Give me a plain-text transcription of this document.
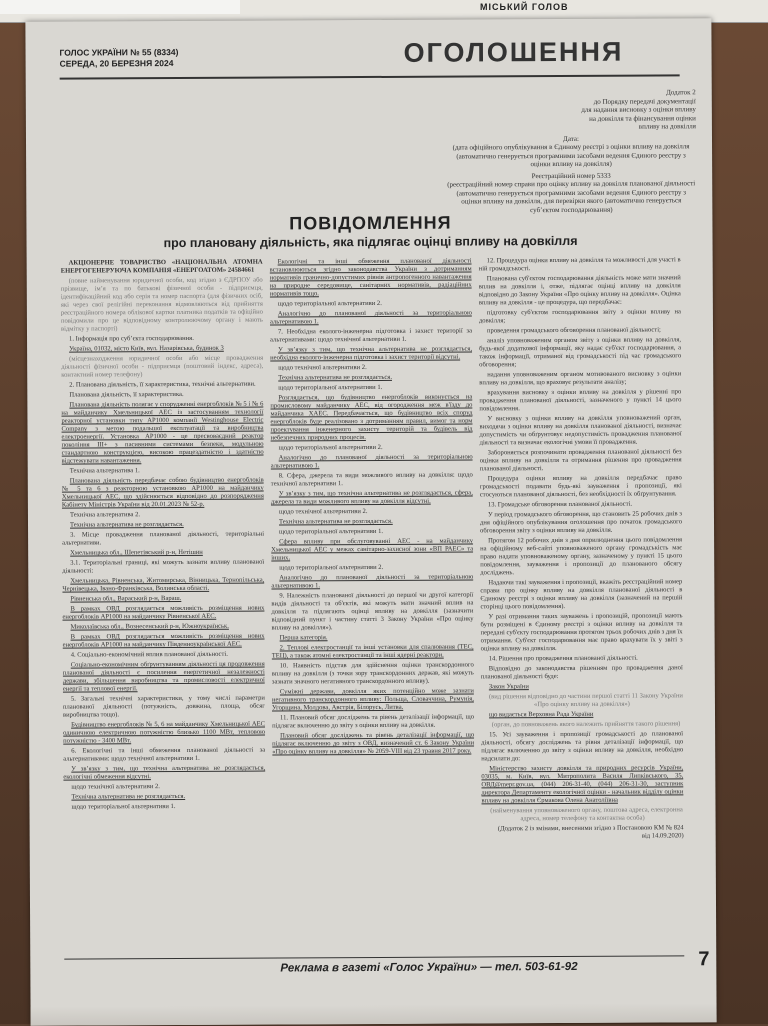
МІСЬКИЙ ГОЛОВ
ГОЛОС УКРАЇНИ № 55 (8334)
СЕРЕДА, 20 БЕРЕЗНЯ 2024	ОГОЛОШЕННЯ
Додаток 2
до Порядку передачі документації
для надання висновку з оцінки впливу
на довкілля та фінансування оцінки
впливу на довкілля
Дата:
(дата офіційного опублікування в Єдиному реєстрі з оцінки впливу на довкілля (автоматично генерується програмними засобами ведення Єдиного реєстру з оцінки впливу на довкілля)
Реєстраційний номер 5333
(реєстраційний номер справи про оцінку впливу на довкілля планованої діяльності (автоматично генерується програмними засобами ведення Єдиного реєстру з оцінки впливу на довкілля, для перевірки якого (автоматично генерується суб’єктом господарювання)
ПОВІДОМЛЕННЯ
про плановану діяльність, яка підлягає оцінці впливу на довкілля

АКЦІОНЕРНЕ ТОВАРИСТВО «НАЦІОНАЛЬНА АТОМНА ЕНЕРГОГЕНЕРУЮЧА КОМПАНІЯ «ЕНЕРГОАТОМ» 24584661

(повне найменування юридичної особи, код згідно з ЄДРПОУ або прізвище, ім’я та по батькові фізичної особи - підприємця, ідентифікаційний код або серія та номер паспорта (для фізичних осіб, які через свої релігійні переконання відмовляються від прийняття реєстраційного номера облікової картки платника податків та офіційно повідомили про це відповідному контролюючому органу і мають відмітку у паспорті)

1. Інформація про суб’єкта господарювання.

Україна, 01032, місто Київ, вул. Назарівська, будинок 3

(місцезнаходження юридичної особи або місце провадження діяльності фізичної особи - підприємця (поштовий індекс, адреса), контактний номер телефону)

2. Планована діяльність, її характеристика, технічні альтернативи.

Планована діяльність, її характеристика.

Планована діяльність полягає у спорудженні енергоблоків № 5 і № 6 на майданчику Хмельницької АЕС із застосуванням технології реакторної установки типу АР1000 компанії Westinghouse Electric Company з метою подальшої експлуатації та виробництва електроенергії. Установка АР1000 - це пресвоваєдний реактор покоління ІІІ+ з пасивними системами безпеки, модульною стандартною конструкцією, високою працездатністю і здатністю відстежувати навантаження.

Технічна альтернатива 1.

Планована діяльність передбачає собою будівництво енергоблоків № 5 та 6 з реакторною установкою АР1000 на майданчику Хмельницької АЕС, що здійснюється відповідно до розпорядження Кабінету Міністрів України від 20.01.2023 № 52-р.

Технічна альтернатива 2.

Технічна альтернатива не розглядається.

3. Місце провадження планованої діяльності, територіальні альтернативи.

Хмельницька обл., Шепетівський р-н, Нетішин

3.1. Територіальні границі, які можуть зазнати впливу планованої діяльності:

Хмельницька, Рівненська, Житомирська, Вінницька, Тернопільська, Чернівецька, Івано-Франківська, Волинська області.

Рівненська обл., Вараський р-н, Вараш.

В рамках ОВД розглядається можливість розміщення нових енергоблоків АР1000 на майданчику Рівненської АЕС.

Миколаївська обл., Вознесенський р-н, Южноукраїнськ.

В рамках ОВД розглядається можливість розміщення нових енергоблоків АР1000 на майданчику Південноукраїнської АЕС.

4. Соціально-економічний вплив планованої діяльності.

Соціально-економічним обґрунтуванням діяльності ця продовження планованої діяльності є посилення енергетичної незалежності держави, збільшення виробництва та промисловості електричної енергії та теплової енергії.

5. Загальні технічні характеристики, у тому числі параметри планованої діяльності (потужність, довжина, площа, обсяг виробництва тощо).

Будівництво енергоблоків № 5, 6 на майданчику Хмельницької АЕС одиничною електричною потужністю близько 1100 МВт, тепловою потужністю - 3400 МВт.

6. Екологічні та інші обмеження планованої діяльності за альтернативами: щодо технічної альтернативи 1.

У зв’язку з тим, що технічна альтернатива не розглядається, екологічні обмеження відсутні.

щодо технічної альтернативи 2.

Технічна альтернатива не розглядається.

щодо територіальної альтернативи 1.

Екологічні та інші обмеження планованої діяльності встановлюються згідно законодавства України з дотриманням нормативів гранично-допустимих рівнів антропогенного навантаження на природне середовище, санітарних нормативів, радіаційних нормативів тощо.

щодо територіальної альтернативи 2.

Аналогічно до планованої діяльності за територіальною альтернативою 1.

7. Необхідна еколого-інженерна підготовка і захист території за альтернативами: щодо технічної альтернативи 1.

У зв’язку з тим, що технічна альтернатива не розглядається, необхідна еколого-інженерна підготовка і захист території відсутні.

щодо технічної альтернативи 2.

Технічна альтернатива не розглядається.

щодо територіальної альтернативи 1.

Розглядається, що будівництво енергоблоків виконується на промисловому майданчику АЕС, від огородження меж в'їзду до майданчика ХАЕС. Передбачається, що будівництво всіх споруд енергоблоків буде реалізовано з дотриманням правил, вимог та норм проектування інженерного захисту територій та будівель від небезпечних природних процесів.

щодо територіальної альтернативи 2.

Аналогічно до планованої діяльності за територіальною альтернативою 1.

8. Сфера, джерела та види можливого впливу на довкілля: щодо технічної альтернативи 1.

У зв’язку з тим, що технічна альтернатива не розглядається, сфера, джерела та види можливого впливу на довкілля відсутні.

щодо технічної альтернативи 2.

Технічна альтернатива не розглядається.

щодо територіальної альтернативи 1.

Сфера впливу при обслуговуванні АЕС - на майданчику Хмельницької АЕС у межах санітарно-захисної зони «ВП РАЕС» та інших.

щодо територіальної альтернативи 2.

Аналогічно до планованої діяльності за територіальною альтернативою 1.

9. Належність планованої діяльності до першої чи другої категорії видів діяльності та об'єктів, які можуть мати значний вплив на довкілля та підлягають оцінці впливу на довкілля (зазначити відповідний пункт і частину статті 3 Закону України «Про оцінку впливу на довкілля»).

Перша категорія.

2. Теплові електростанції та інші установки для спалювання (ТЕС, ТЕЦ), а також атомні електростанції та інші ядерні реактори.

10. Наявність підстав для здійснення оцінки транскордонного впливу на довкілля (з точки зору транскордонних держав, які можуть зазнати значного негативного транскордонного впливу).

Суміжні держави, довкілля яких потенційно може зазнати негативного транскордонного впливу: Польща, Словаччина, Румунія, Угорщина, Молдова, Австрія, Білорусь, Литва.

11. Плановий обсяг досліджень та рівень деталізації інформації, що підлягає включенню до звіту з оцінки впливу на довкілля.

Плановий обсяг досліджень та рівень деталізації інформації, що підлягає включенню до звіту з ОВД, визначений ст. 6 Закону України «Про оцінку впливу на довкілля» № 2059-VIII від 23 травня 2017 року.

12. Процедура оцінки впливу на довкілля та можливості для участі в ній громадськості.

Планована суб'єктом господарювання діяльність може мати значний вплив на довкілля і, отже, підлягає оцінці впливу на довкілля відповідно до Закону України «Про оцінку впливу на довкілля». Оцінка впливу на довкілля - це процедура, що передбачає:

підготовку суб'єктом господарювання звіту з оцінки впливу на довкілля;

проведення громадського обговорення планованої діяльності;

аналіз уповноваженим органом звіту з оцінки впливу на довкілля, будь-якої додаткової інформації, яку надає суб'єкт господарювання, а також інформації, отриманої від громадськості під час громадського обговорення;

надання уповноваженим органом мотивованого висновку з оцінки впливу на довкілля, що враховує результати аналізу;

врахування висновку з оцінки впливу на довкілля у рішенні про провадження планованої діяльності, зазначеного у пункті 14 цього повідомлення.

У висновку з оцінки впливу на довкілля уповноважений орган, виходячи з оцінки впливу на довкілля планованої діяльності, визначає допустимість чи обґрунтовує недопустимість провадження планованої діяльності та визначає екологічні умови її провадження.

Забороняється розпочинати провадження планованої діяльності без оцінки впливу на довкілля та отримання рішення про провадження планованої діяльності.

Процедура оцінки впливу на довкілля передбачає право громадськості подавати будь-які зауваження і пропозиції, які стосуються планованої діяльності, без необхідності їх обґрунтування.

13. Громадське обговорення планованої діяльності.

У період громадського обговорення, що становить 25 робочих днів з дня офіційного опублікування оголошення про початок громадського обговорення звіту з оцінки впливу на довкілля.

Протягом 12 робочих днів з дня оприлюднення цього повідомлення на офіційному веб-сайті уповноваженого органу громадськість має право надати уповноваженому органу, зазначеному у пункті 15 цього повідомлення, зауваження і пропозиції до планованого обсягу досліджень.

Надаючи такі зауваження і пропозиції, вкажіть реєстраційний номер справи про оцінку впливу на довкілля планованої діяльності в Єдиному реєстрі з оцінки впливу на довкілля (зазначений на першій сторінці цього повідомлення).

У разі отримання таких зауважень і пропозицій, пропозиції мають бути розміщені в Єдиному реєстрі з оцінки впливу на довкілля та передані суб'єкту господарювання протягом трьох робочих днів з дня їх отримання. Суб'єкт господарювання має право врахувати їх у звіті з оцінки впливу на довкілля.

14. Рішення про провадження планованої діяльності.

Відповідно до законодавства рішенням про провадження даної планованої діяльності буде:

Закон України

(вид рішення відповідно до частини першої статті 11 Закону України «Про оцінку впливу на довкілля»)

що видається Верховна Рада України

(орган, до повноважень якого належить прийняття такого рішення)

15. Усі зауваження і пропозиції громадськості до планованої діяльності, обсягу досліджень та рівня деталізації інформації, що підлягає включенню до звіту з оцінки впливу на довкілля, необхідно надсилати до:

Міністерство захисту довкілля та природних ресурсів України, 03035, м. Київ, вул. Митрополита Василя Липківського, 35, ОВД@mepr.gov.ua, (044) 206-31-40, (044) 206-31-30, заступник директора Департаменту екологічної оцінки - начальник відділу оцінки впливу на довкілля Єрмакова Олена Анатоліївна

(найменування уповноваженого органу, поштова адреса, електронна адреса, номер телефону та контактна особа)

(Додаток 2 із змінами, внесеними згідно з Постановою КМ № 824 від 14.09.2020)

Реклама в газеті «Голос України» — тел. 503-61-92	7
